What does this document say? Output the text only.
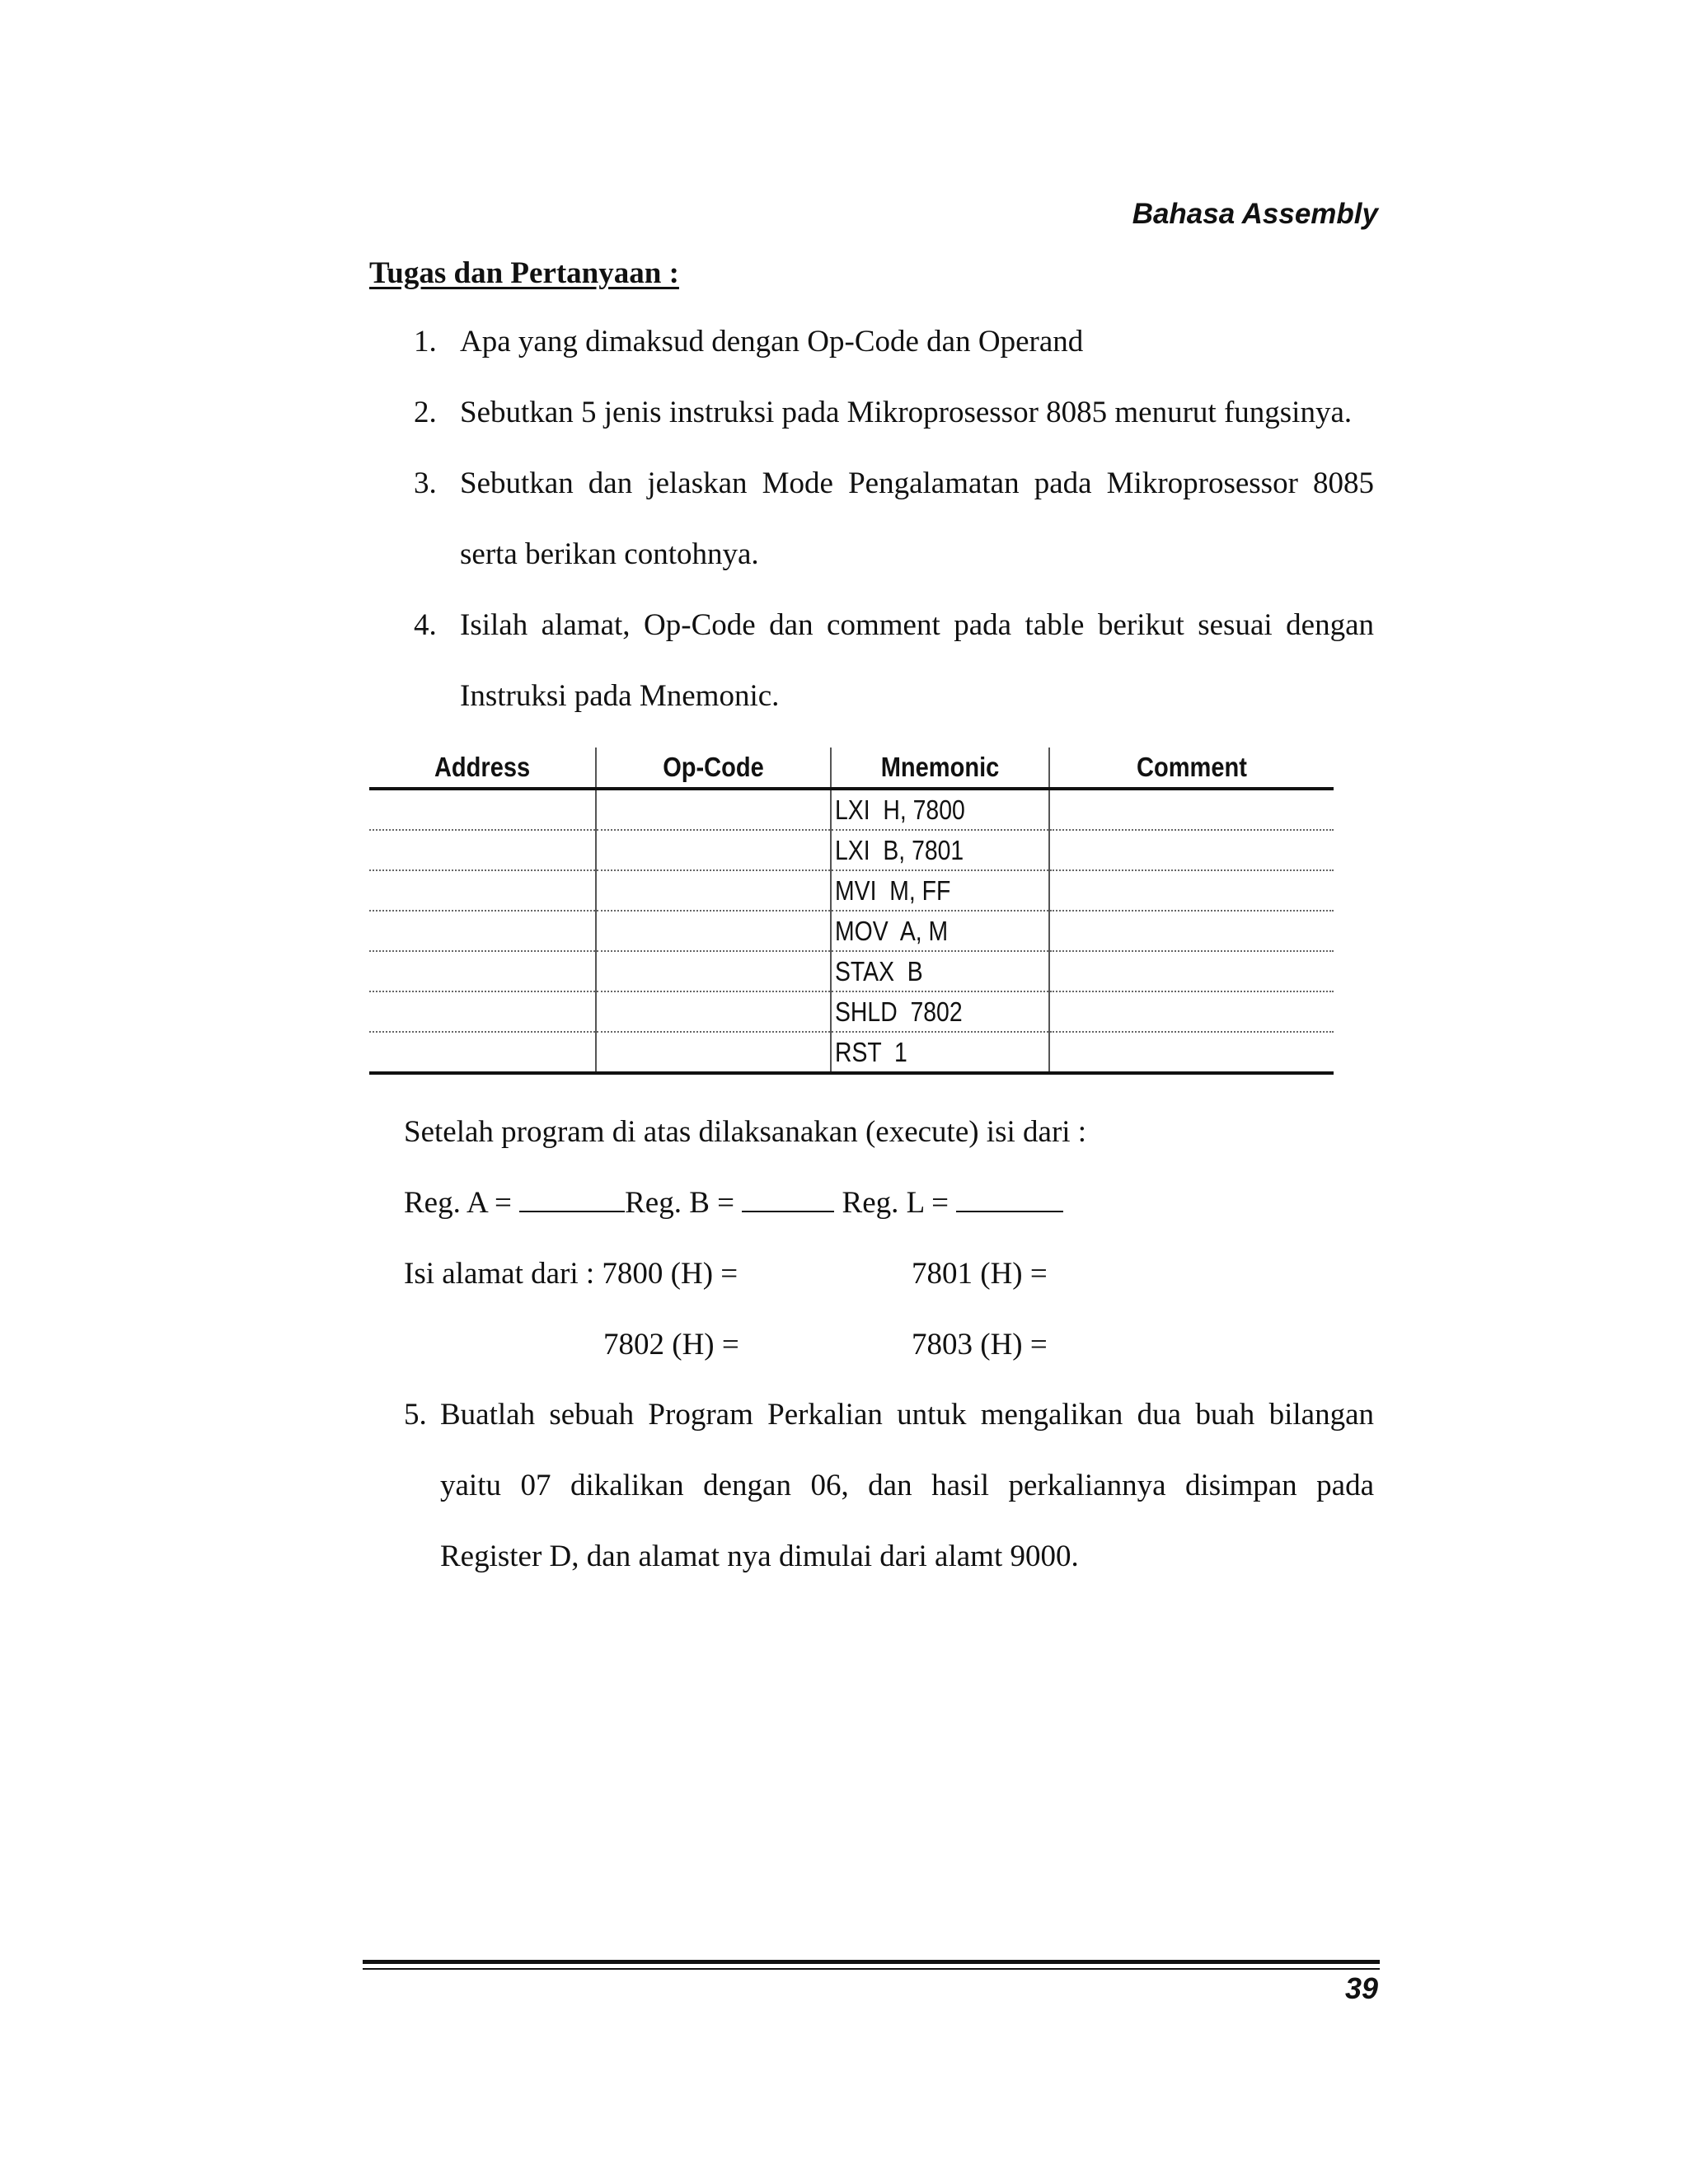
Bahasa Assembly
Tugas dan Pertanyaan :
1. Apa yang dimaksud dengan Op-Code dan Operand
2. Sebutkan 5 jenis instruksi pada Mikroprosessor 8085 menurut fungsinya.
3. Sebutkan dan jelaskan Mode Pengalamatan pada Mikroprosessor 8085 serta berikan contohnya.
4. Isilah alamat, Op-Code dan comment pada table berikut sesuai dengan Instruksi pada Mnemonic.
Address	Op-Code	Mnemonic	Comment
		LXI  H, 7800	
		LXI  B, 7801	
		MVI  M, FF	
		MOV  A, M	
		STAX  B	
		SHLD  7802	
		RST  1	
Setelah program di atas dilaksanakan (execute) isi dari :
Reg. A =	Reg. B =	Reg. L =
Isi alamat dari : 7800 (H) =	7801 (H) =
7802 (H) =	7803 (H) =
5. Buatlah sebuah Program Perkalian untuk mengalikan dua buah bilangan yaitu 07 dikalikan dengan 06, dan hasil perkaliannya disimpan pada Register D, dan alamat nya dimulai dari alamt 9000.
39
